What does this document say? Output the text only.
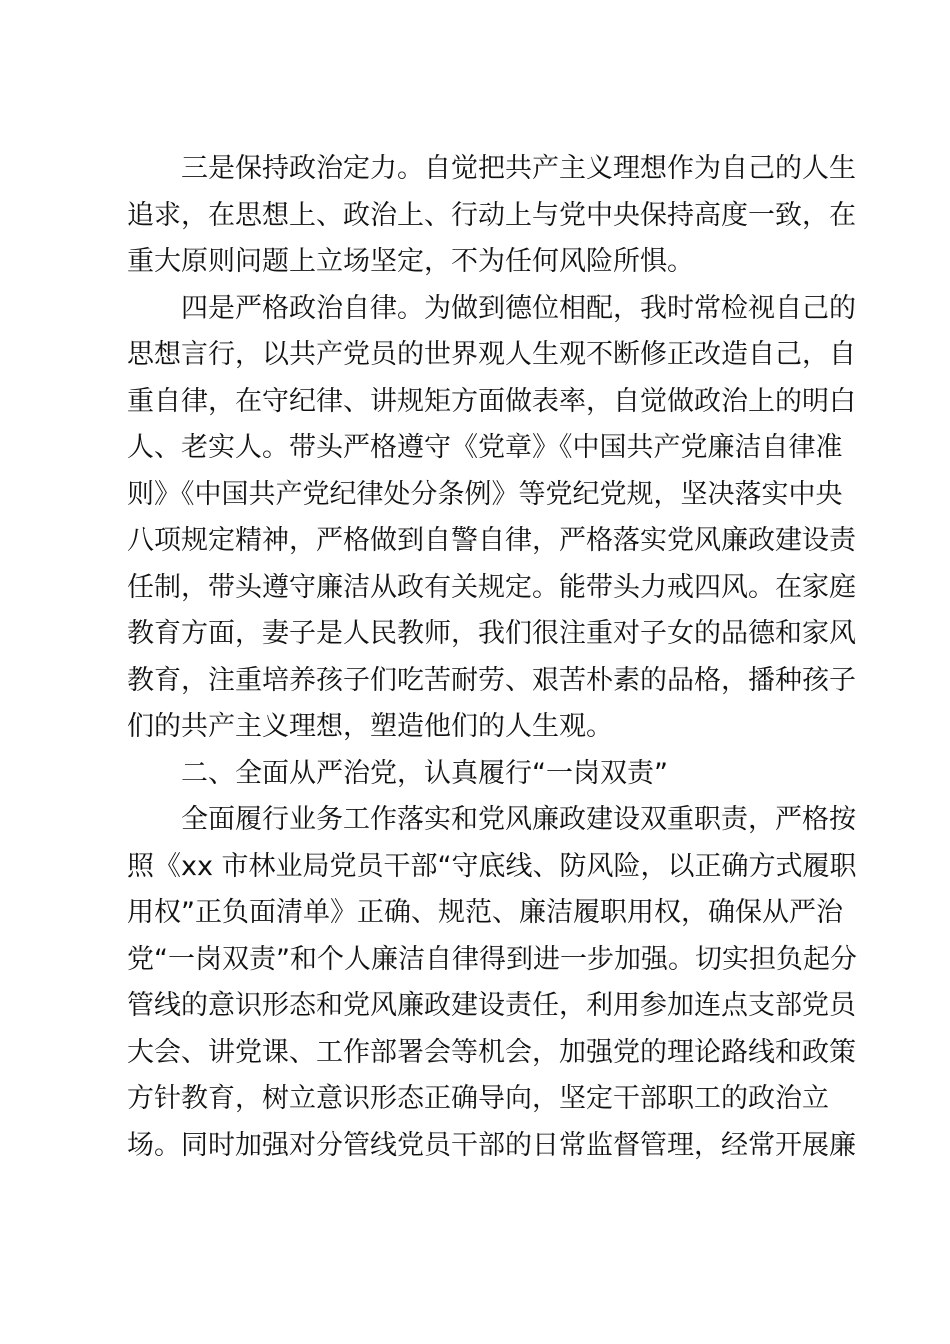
三是保持政治定力。自觉把共产主义理想作为自己的人生
追求，在思想上、政治上、行动上与党中央保持高度一致，在
重大原则问题上立场坚定，不为任何风险所惧。
四是严格政治自律。为做到德位相配，我时常检视自己的
思想言行，以共产党员的世界观人生观不断修正改造自己，自
重自律，在守纪律、讲规矩方面做表率，自觉做政治上的明白
人、老实人。带头严格遵守《党章》《中国共产党廉洁自律准
则》《中国共产党纪律处分条例》等党纪党规，坚决落实中央
八项规定精神，严格做到自警自律，严格落实党风廉政建设责
任制，带头遵守廉洁从政有关规定。能带头力戒四风。在家庭
教育方面，妻子是人民教师，我们很注重对子女的品德和家风
教育，注重培养孩子们吃苦耐劳、艰苦朴素的品格，播种孩子
们的共产主义理想，塑造他们的人生观。
二、全面从严治党，认真履行“一岗双责”
全面履行业务工作落实和党风廉政建设双重职责，严格按
照《xx 市林业局党员干部“守底线、防风险，以正确方式履职
用权”正负面清单》正确、规范、廉洁履职用权，确保从严治
党“一岗双责”和个人廉洁自律得到进一步加强。切实担负起分
管线的意识形态和党风廉政建设责任，利用参加连点支部党员
大会、讲党课、工作部署会等机会，加强党的理论路线和政策
方针教育，树立意识形态正确导向，坚定干部职工的政治立
场。同时加强对分管线党员干部的日常监督管理，经常开展廉
